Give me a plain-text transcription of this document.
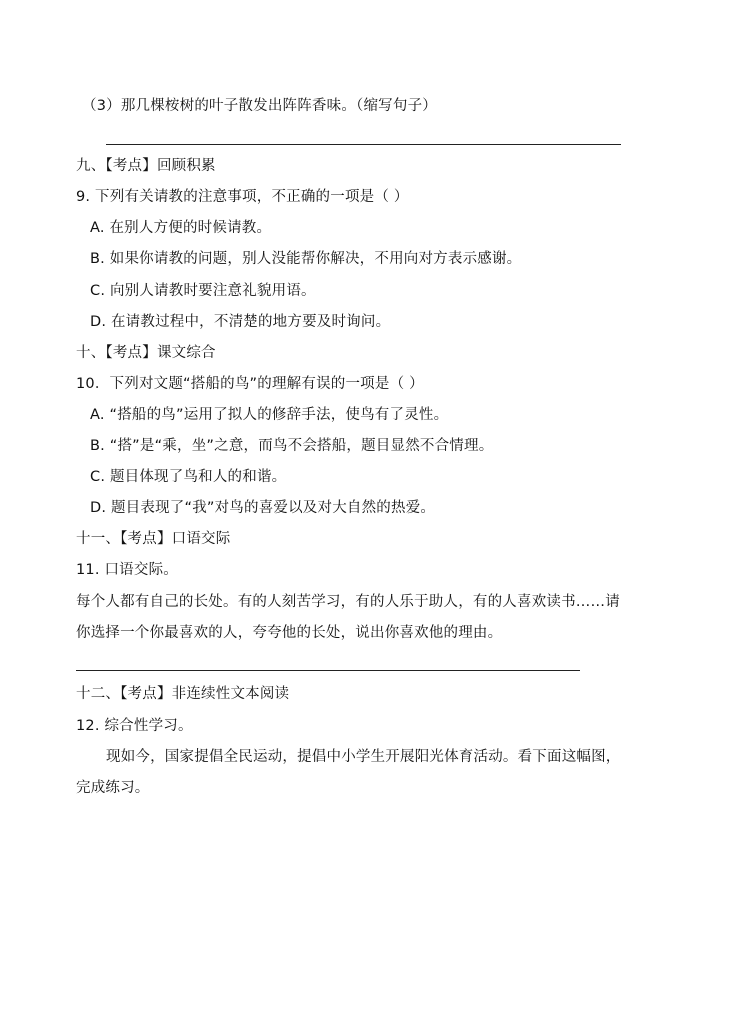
（3）那几棵桉树的叶子散发出阵阵香味。（缩写句子）
九、【考点】回顾积累
9. 下列有关请教的注意事项，不正确的一项是（ ）
A. 在别人方便的时候请教。
B. 如果你请教的问题，别人没能帮你解决，不用向对方表示感谢。
C. 向别人请教时要注意礼貌用语。
D. 在请教过程中，不清楚的地方要及时询问。
十、【考点】课文综合
10．下列对文题“搭船的鸟”的理解有误的一项是（ ）
A. “搭船的鸟”运用了拟人的修辞手法，使鸟有了灵性。
B. “搭”是“乘，坐”之意，而鸟不会搭船，题目显然不合情理。
C. 题目体现了鸟和人的和谐。
D. 题目表现了“我”对鸟的喜爱以及对大自然的热爱。
十一、【考点】口语交际
11. 口语交际。
每个人都有自己的长处。有的人刻苦学习，有的人乐于助人，有的人喜欢读书……请
你选择一个你最喜欢的人，夸夸他的长处，说出你喜欢他的理由。
十二、【考点】非连续性文本阅读
12. 综合性学习。
现如今，国家提倡全民运动，提倡中小学生开展阳光体育活动。看下面这幅图，
完成练习。
